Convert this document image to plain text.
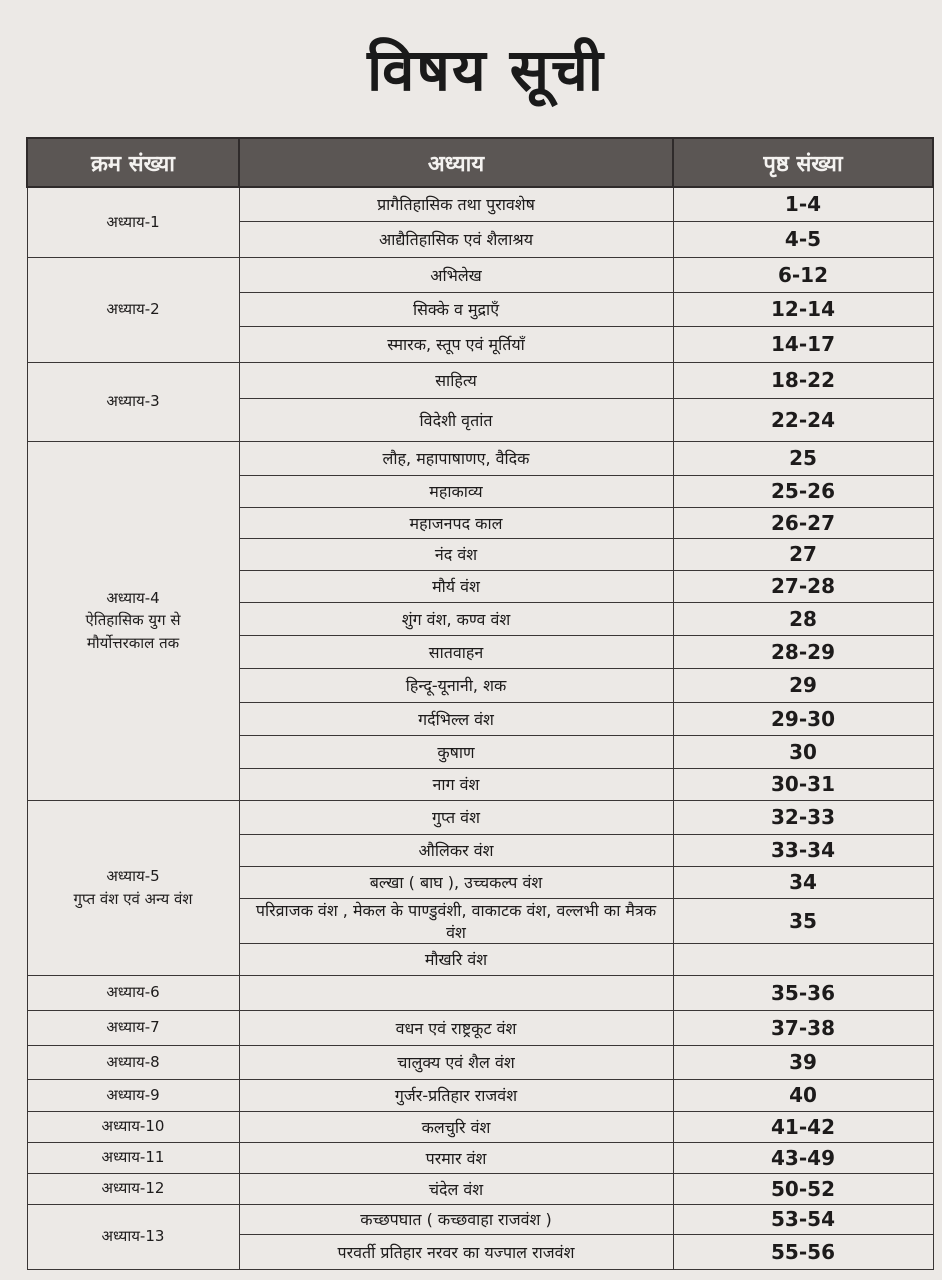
विषय सूची
क्रम संख्या	अध्याय	पृष्ठ संख्या

अध्याय-1	प्रागैतिहासिक तथा पुरावशेष	1-4
	आद्यैतिहासिक एवं शैलाश्रय	4-5

अध्याय-2	अभिलेख	6-12
	सिक्के व मुद्राएँ	12-14
	स्मारक, स्तूप एवं मूर्तियाँ	14-17

अध्याय-3	साहित्य	18-22
	विदेशी वृतांत	22-24

अध्याय-4
ऐतिहासिक युग से
मौर्योत्तरकाल तक	लौह, महापाषाणए, वैदिक	25
	महाकाव्य	25-26
	महाजनपद काल	26-27
	नंद वंश	27
	मौर्य वंश	27-28
	शुंग वंश, कण्व वंश	28
	सातवाहन	28-29
	हिन्दू-यूनानी, शक	29
	गर्दभिल्ल वंश	29-30
	कुषाण	30
	नाग वंश	30-31

अध्याय-5
गुप्त वंश एवं अन्य वंश	गुप्त वंश	32-33
	औलिकर वंश	33-34
	बल्खा ( बाघ ), उच्चकल्प वंश	34
	परिव्राजक वंश , मेकल के पाण्डुवंशी, वाकाटक वंश, वल्लभी का मैत्रक वंश	35
	मौखरि वंश	

अध्याय-6		35-36

अध्याय-7	वधन एवं राष्ट्रकूट वंश	37-38

अध्याय-8	चालुक्य एवं शैल वंश	39

अध्याय-9	गुर्जर-प्रतिहार राजवंश	40

अध्याय-10	कलचुरि वंश	41-42

अध्याय-11	परमार वंश	43-49

अध्याय-12	चंदेल वंश	50-52

अध्याय-13	कच्छपघात ( कच्छवाहा राजवंश )	53-54
	परवर्ती प्रतिहार नरवर का यज्पाल राजवंश	55-56
